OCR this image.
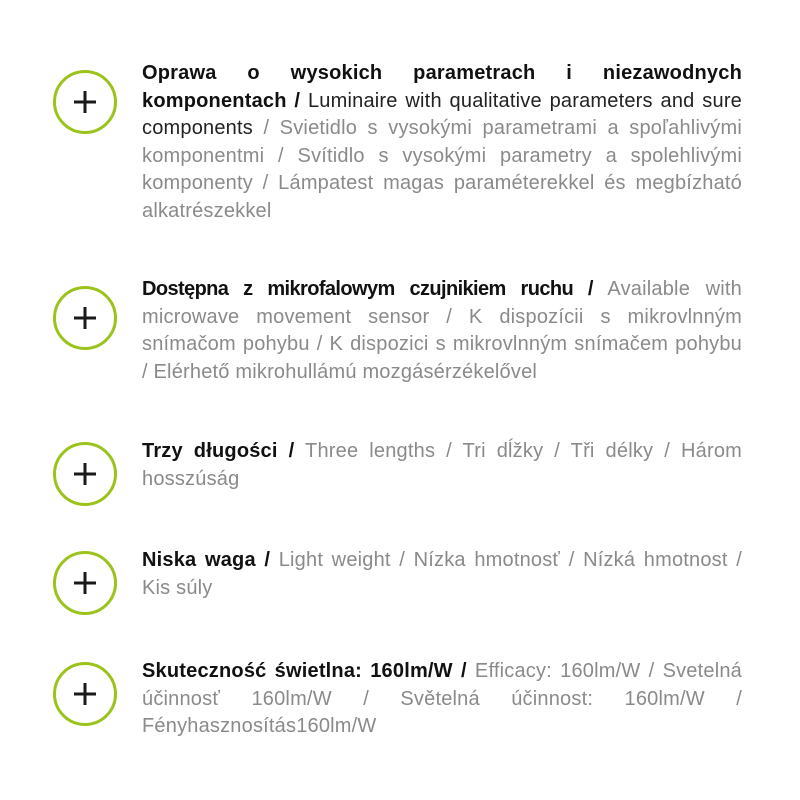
Oprawa o wysokich parametrach i niezawodnych komponentach / Luminaire with qualitative parameters and sure components / Svietidlo s vysokými parametrami a spoľahlivými komponentmi / Svítidlo s vysokými parametry a spolehlivými komponenty / Lámpatest magas paraméterekkel és megbízható alkatrészekkel
Dostępna z mikrofalowym czujnikiem ruchu / Available with microwave movement sensor / K dispozícii s mikrovlnným snímačom pohybu / K dispozici s mikrovlnným snímačem pohybu / Elérhető mikrohullámú mozgásérzékelővel
Trzy długości / Three lengths / Tri dĺžky / Tři délky / Három hosszúság
Niska waga / Light weight / Nízka hmotnosť / Nízká hmotnost / Kis súly
Skuteczność świetlna: 160lm/W / Efficacy: 160lm/W / Svetelná účinnosť 160lm/W / Světelná účinnost: 160lm/W / Fényhasznosítás160lm/W
